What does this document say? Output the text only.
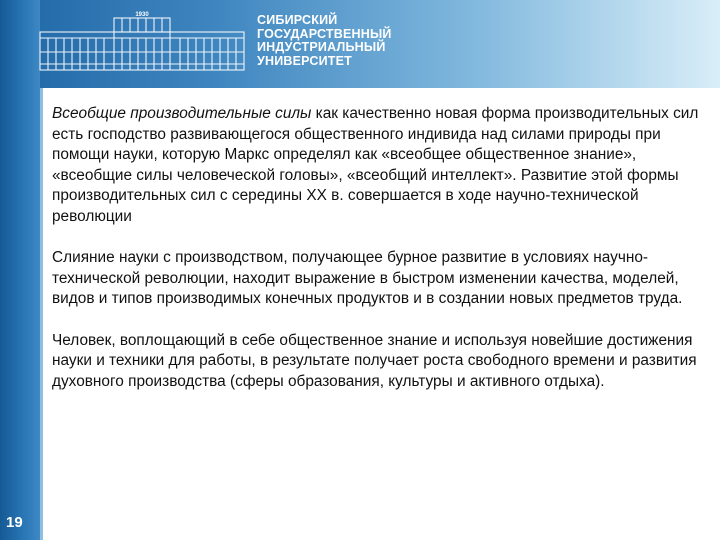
1930	СИБИРСКИЙ
ГОСУДАРСТВЕННЫЙ
ИНДУСТРИАЛЬНЫЙ
УНИВЕРСИТЕТ

Всеобщие производительные силы как качественно новая форма производительных сил есть господство развивающегося общественного индивида над силами природы при помощи науки, которую Маркс определял как «всеобщее общественное знание», «всеобщие силы человеческой головы», «всеобщий интеллект». Развитие этой формы производительных сил с середины XX в. совершается в ходе научно-технической революции

Слияние науки с производством, получающее бурное развитие в условиях научно-технической революции, находит выражение в быстром изменении качества, моделей, видов и типов производимых конечных продуктов и в создании новых предметов труда.

Человек, воплощающий в себе общественное знание и используя новейшие достижения науки и техники для работы, в результате получает роста свободного времени и развития духовного производства (сферы образования, культуры и активного отдыха).

19
